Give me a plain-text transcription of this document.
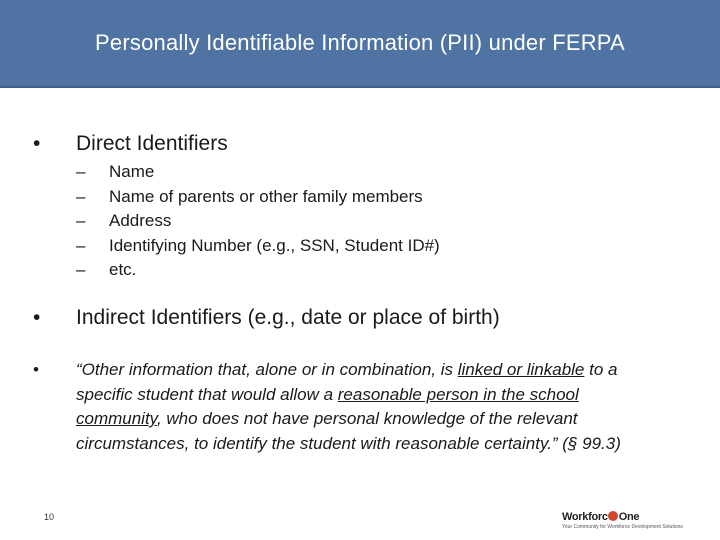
Personally Identifiable Information (PII) under FERPA
•	Direct Identifiers
–	Name
–	Name of parents or other family members
–	Address
–	Identifying Number (e.g., SSN, Student ID#)
–	etc.
•	Indirect Identifiers (e.g., date or place of birth)
•	“Other information that, alone or in combination, is linked or linkable to a specific student that would allow a reasonable person in the school community, who does not have personal knowledge of the relevant circumstances, to identify the student with reasonable certainty.” (§ 99.3)
10	Workforc One
Your Community for Workforce Development Solutions
